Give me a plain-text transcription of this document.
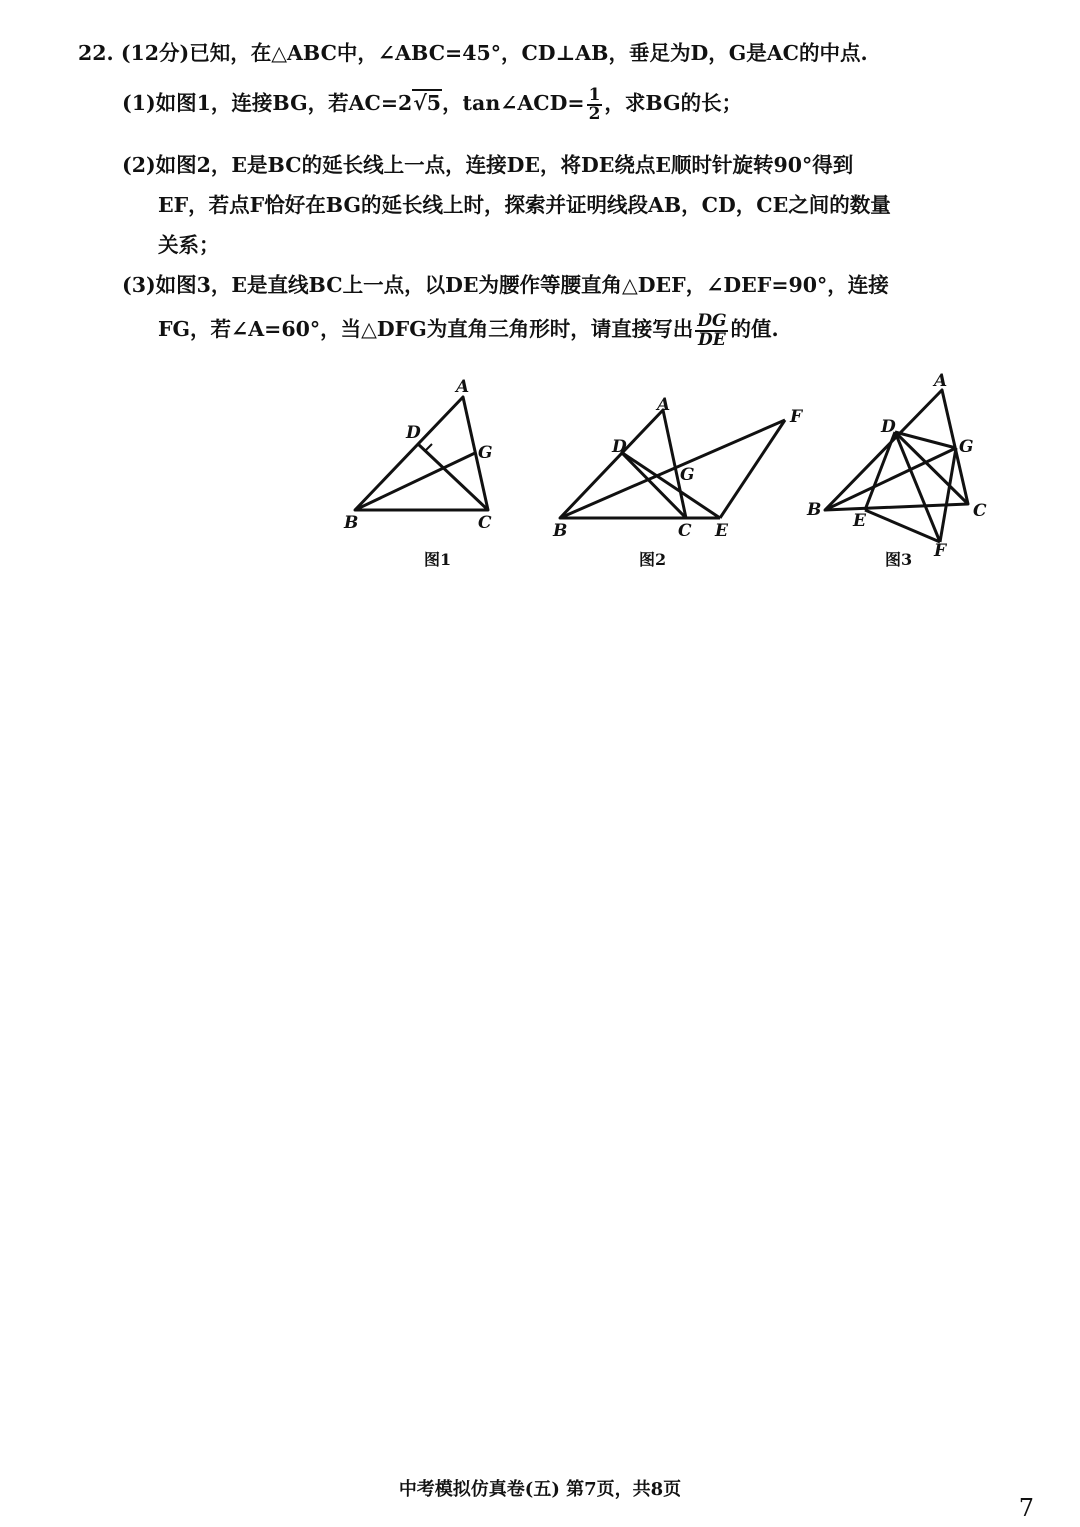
22. (12分)已知，在△ABC中，∠ABC=45°，CD⊥AB，垂足为D，G是AC的中点.
(1)如图1，连接BG，若AC=2√5，tan∠ACD= $\frac{1}{2}$ ，求BG的长；
(2)如图2，E是BC的延长线上一点，连接DE，将DE绕点E顺时针旋转90°得到
EF，若点F恰好在BG的延长线上时，探索并证明线段AB，CD，CE之间的数量
关系；
(3)如图3，E是直线BC上一点，以DE为腰作等腰直角△DEF，∠DEF=90°，连接
FG，若∠A=60°，当△DFG为直角三角形时，请直接写出 $\frac{DG}{DE}$ 的值.
A
B	C
D
G
图1
A
B	C
D
E
F
G
图2
A
B	C
D
E
F
G
图3
中考模拟仿真卷(五) 第7页，共8页
7
